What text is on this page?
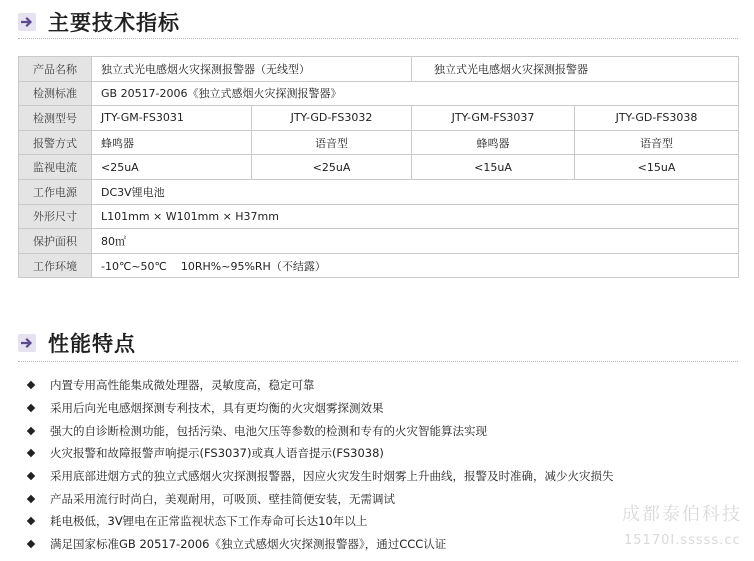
主要技术指标
产品名称	独立式光电感烟火灾探测报警器（无线型）		独立式光电感烟火灾探测报警器	
检测标准	GB 20517-2006《独立式感烟火灾探测报警器》			
检测型号	JTY-GM-FS3031	JTY-GD-FS3032	JTY-GM-FS3037	JTY-GD-FS3038
报警方式	蜂鸣器	语音型	蜂鸣器	语音型
监视电流	<25uA	<25uA	<15uA	<15uA
工作电源	DC3V锂电池			
外形尺寸	L101mm × W101mm × H37mm			
保护面积	80㎡			
工作环境	-10℃~50℃    10RH%~95%RH（不结露）			
性能特点
内置专用高性能集成微处理器，灵敏度高，稳定可靠
采用后向光电感烟探测专利技术，具有更均衡的火灾烟雾探测效果
强大的自诊断检测功能，包括污染、电池欠压等参数的检测和专有的火灾智能算法实现
火灾报警和故障报警声响提示(FS3037)或真人语音提示(FS3038)
采用底部进烟方式的独立式感烟火灾探测报警器，因应火灾发生时烟雾上升曲线，报警及时准确，减少火灾损失
产品采用流行时尚白，美观耐用，可吸顶、壁挂简便安装，无需调试
耗电极低，3V锂电在正常监视状态下工作寿命可长达10年以上
满足国家标准GB 20517-2006《独立式感烟火灾探测报警器》，通过CCC认证
成都泰伯科技
15170I.sssss.cc
